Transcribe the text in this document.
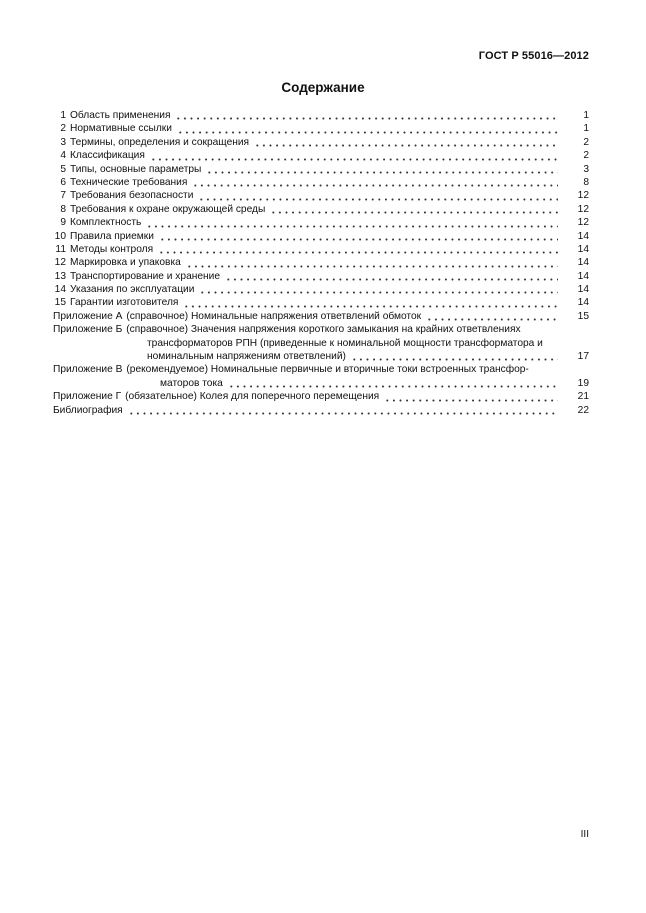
ГОСТ Р 55016—2012
Содержание
1 Область применения	1
2 Нормативные ссылки	1
3 Термины, определения и сокращения	2
4 Классификация	2
5 Типы, основные параметры	3
6 Технические требования	8
7 Требования безопасности	12
8 Требования к охране окружающей среды	12
9 Комплектность	12
10 Правила приемки	14
11 Методы контроля	14
12 Маркировка и упаковка	14
13 Транспортирование и хранение	14
14 Указания по эксплуатации	14
15 Гарантии изготовителя	14
Приложение А (справочное) Номинальные напряжения ответвлений обмоток	15
Приложение Б (справочное) Значения напряжения короткого замыкания на крайних ответвлениях
трансформаторов РПН (приведенные к номинальной мощности трансформатора и
номинальным напряжениям ответвлений)	17
Приложение В (рекомендуемое) Номинальные первичные и вторичные токи встроенных трансфор-
маторов тока	19
Приложение Г (обязательное) Колея для поперечного перемещения	21
Библиография	22
III
